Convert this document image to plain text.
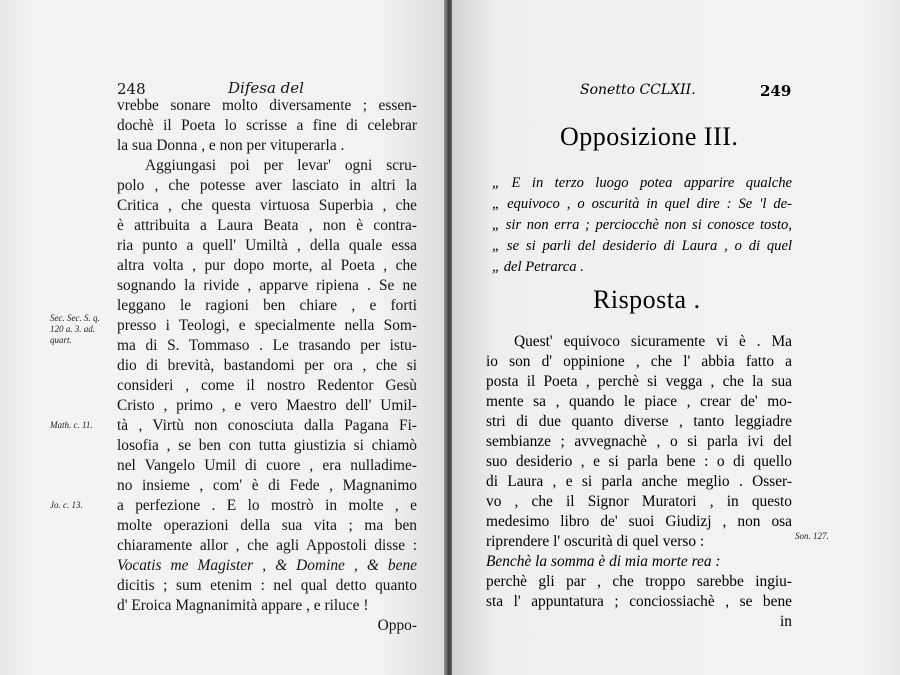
248	Difesa del
vrebbe sonare molto diversamente ; essen-
dochè il Poeta lo scrisse a fine di celebrar
la sua Donna , e non per vituperarla .
Aggiungasi poi per levar' ogni scru-
polo , che potesse aver lasciato in altri la
Critica , che questa virtuosa Superbia , che
è attribuita a Laura Beata , non è contra-
ria punto a quell' Umiltà , della quale essa
altra volta , pur dopo morte, al Poeta , che
sognando la rivide , apparve ripiena . Se ne
leggano le ragioni ben chiare , e forti
presso i Teologi, e specialmente nella Som-
ma di S. Tommaso . Le trasando per istu-
dio di brevità, bastandomi per ora , che si
consideri , come il nostro Redentor Gesù
Cristo , primo , e vero Maestro dell' Umil-
tà , Virtù non conosciuta dalla Pagana Fi-
losofia , se ben con tutta giustizia si chiamò
nel Vangelo Umil di cuore , era nulladime-
no insieme , com' è di Fede , Magnanimo
a perfezione . E lo mostrò in molte , e
molte operazioni della sua vita ; ma ben
chiaramente allor , che agli Appostoli disse :
Vocatis me Magister , & Domine , & bene
dicitis ; sum etenim : nel qual detto quanto
d' Eroica Magnanimità appare , e riluce !
Oppo-
Sec. Sec. S. q. 120 a. 3. ad. quart.
Math. c. 11.
Jo. c. 13.
Sonetto CCLXII.	249
Opposizione III.
„ E in terzo luogo potea apparire qualche
„ equivoco , o oscurità in quel dire : Se 'l de-
„ sir non erra ; perciocchè non si conosce tosto,
„ se si parli del desiderio di Laura , o di quel
„ del Petrarca .
Risposta .
Quest' equivoco sicuramente vi è . Ma
io son d' oppinione , che l' abbia fatto a
posta il Poeta , perchè si vegga , che la sua
mente sa , quando le piace , crear de' mo-
stri di due quanto diverse , tanto leggiadre
sembianze ; avvegnachè , o si parla ivi del
suo desiderio , e si parla bene : o di quello
di Laura , e si parla anche meglio . Osser-
vo , che il Signor Muratori , in questo
medesimo libro de' suoi Giudizj , non osa
riprendere l' oscurità di quel verso :
Benchè la somma è di mia morte rea :
perchè gli par , che troppo sarebbe ingiu-
sta l' appuntatura ; conciossiachè , se bene
in
Son. 127.
